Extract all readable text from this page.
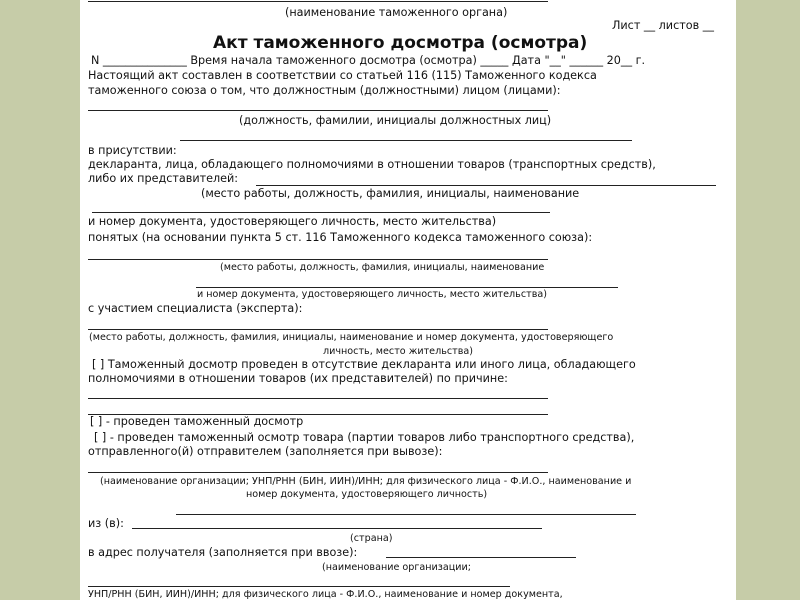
(наименование таможенного органа)
Лист __ листов __
Акт таможенного досмотра (осмотра)
N _______________ Время начала таможенного досмотра (осмотра) _____ Дата "__" ______ 20__ г.
Настоящий акт составлен в соответствии со статьей 116 (115) Таможенного кодекса
таможенного союза о том, что должностным (должностными) лицом (лицами):
(должность, фамилии, инициалы должностных лиц)
в присутствии:
декларанта, лица, обладающего полномочиями в отношении товаров (транспортных средств),
либо их представителей:
(место работы, должность, фамилия, инициалы, наименование
и номер документа, удостоверяющего личность, место жительства)
понятых (на основании пункта 5 ст. 116 Таможенного кодекса таможенного союза):
(место работы, должность, фамилия, инициалы, наименование
и номер документа, удостоверяющего личность, место жительства)
с участием специалиста (эксперта):
(место работы, должность, фамилия, инициалы, наименование и номер документа, удостоверяющего
личность, место жительства)
[ ] Таможенный досмотр проведен в отсутствие декларанта или иного лица, обладающего
полномочиями в отношении товаров (их представителей) по причине:
[ ] - проведен таможенный досмотр
[ ] - проведен таможенный осмотр товара (партии товаров либо транспортного средства),
отправленного(й) отправителем (заполняется при вывозе):
(наименование организации; УНП/РНН (БИН, ИИН)/ИНН; для физического лица - Ф.И.О., наименование и
номер документа, удостоверяющего личность)
из (в):
(страна)
в адрес получателя (заполняется при ввозе):
(наименование организации;
УНП/РНН (БИН, ИИН)/ИНН; для физического лица - Ф.И.О., наименование и номер документа,
